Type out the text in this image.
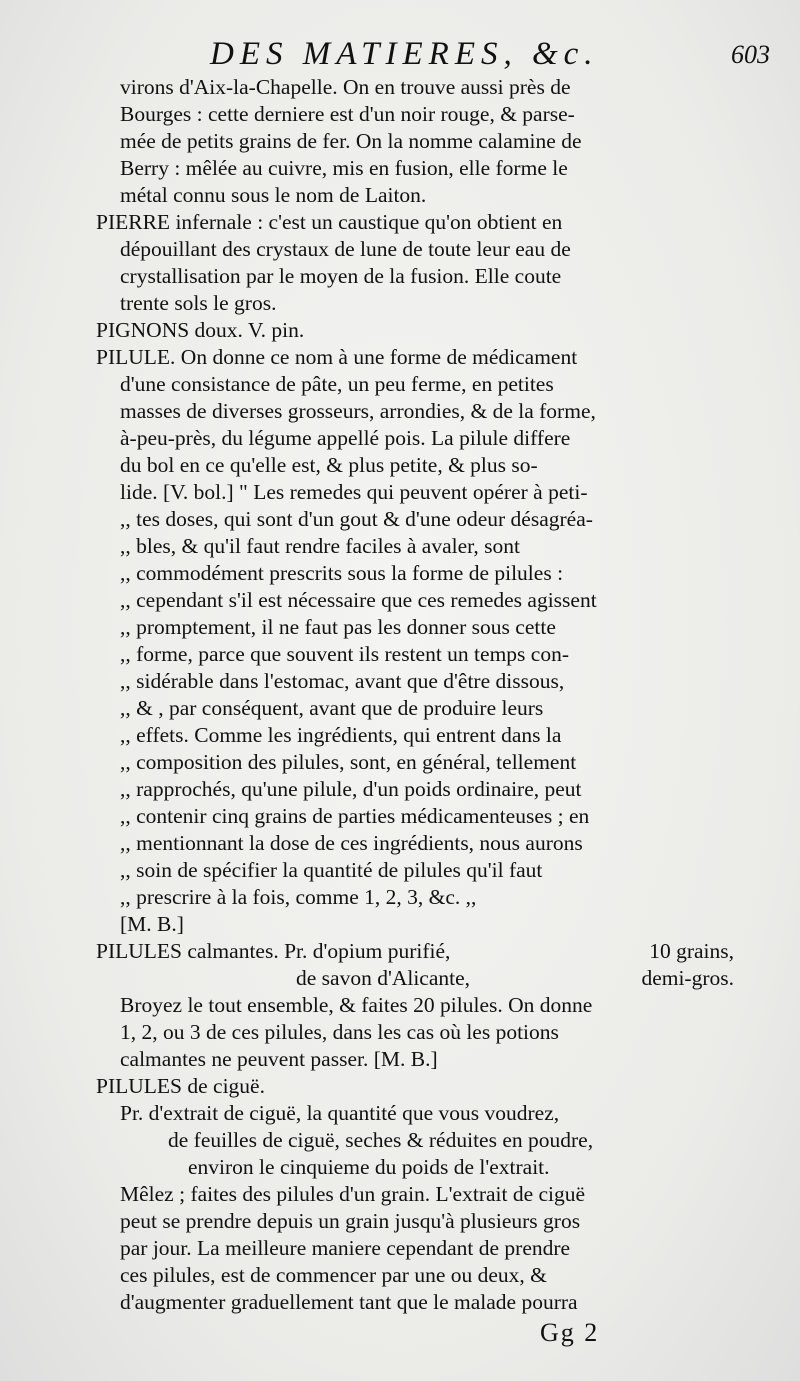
DES MATIERES, &c.	603
virons d'Aix-la-Chapelle. On en trouve aussi près de
Bourges : cette derniere est d'un noir rouge, & parse-
mée de petits grains de fer. On la nomme calamine de
Berry : mêlée au cuivre, mis en fusion, elle forme le
métal connu sous le nom de Laiton.
PIERRE infernale : c'est un caustique qu'on obtient en
dépouillant des crystaux de lune de toute leur eau de
crystallisation par le moyen de la fusion. Elle coute
trente sols le gros.
PIGNONS doux. V. pin.
PILULE. On donne ce nom à une forme de médicament
d'une consistance de pâte, un peu ferme, en petites
masses de diverses grosseurs, arrondies, & de la forme,
à-peu-près, du légume appellé pois. La pilule differe
du bol en ce qu'elle est, & plus petite, & plus so-
lide. [V. bol.] " Les remedes qui peuvent opérer à peti-
,, tes doses, qui sont d'un gout & d'une odeur désagréa-
,, bles, & qu'il faut rendre faciles à avaler, sont
,, commodément prescrits sous la forme de pilules :
,, cependant s'il est nécessaire que ces remedes agissent
,, promptement, il ne faut pas les donner sous cette
,, forme, parce que souvent ils restent un temps con-
,, sidérable dans l'estomac, avant que d'être dissous,
,, & , par conséquent, avant que de produire leurs
,, effets. Comme les ingrédients, qui entrent dans la
,, composition des pilules, sont, en général, tellement
,, rapprochés, qu'une pilule, d'un poids ordinaire, peut
,, contenir cinq grains de parties médicamenteuses ; en
,, mentionnant la dose de ces ingrédients, nous aurons
,, soin de spécifier la quantité de pilules qu'il faut
,, prescrire à la fois, comme 1, 2, 3, &c. ,,
[M. B.]
PILULES calmantes. Pr. d'opium purifié,	10 grains,
de savon d'Alicante,	demi-gros.
Broyez le tout ensemble, & faites 20 pilules. On donne
1, 2, ou 3 de ces pilules, dans les cas où les potions
calmantes ne peuvent passer. [M. B.]
PILULES de ciguë.
Pr. d'extrait de ciguë, la quantité que vous voudrez,
de feuilles de ciguë, seches & réduites en poudre,
environ le cinquieme du poids de l'extrait.
Mêlez ; faites des pilules d'un grain. L'extrait de ciguë
peut se prendre depuis un grain jusqu'à plusieurs gros
par jour. La meilleure maniere cependant de prendre
ces pilules, est de commencer par une ou deux, &
d'augmenter graduellement tant que le malade pourra
Gg 2
